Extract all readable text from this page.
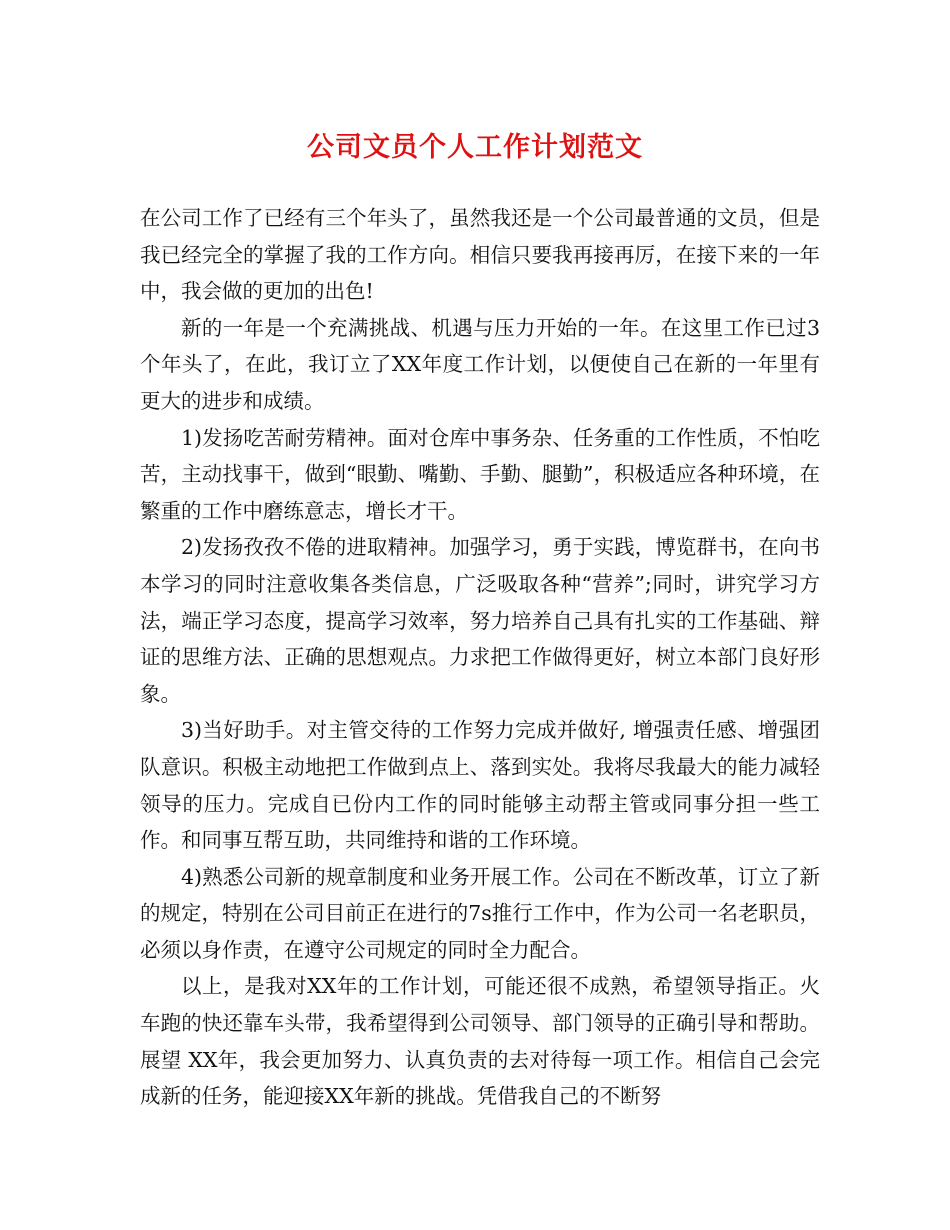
公司文员个人工作计划范文

在公司工作了已经有三个年头了，虽然我还是一个公司最普通的文员，但是我已经完全的掌握了我的工作方向。相信只要我再接再厉，在接下来的一年中，我会做的更加的出色!

新的一年是一个充满挑战、机遇与压力开始的一年。在这里工作已过3个年头了，在此，我订立了XX年度工作计划，以便使自己在新的一年里有更大的进步和成绩。

1)发扬吃苦耐劳精神。面对仓库中事务杂、任务重的工作性质，不怕吃苦，主动找事干，做到“眼勤、嘴勤、手勤、腿勤”，积极适应各种环境，在繁重的工作中磨练意志，增长才干。

2)发扬孜孜不倦的进取精神。加强学习，勇于实践，博览群书，在向书本学习的同时注意收集各类信息，广泛吸取各种“营养”;同时，讲究学习方法，端正学习态度，提高学习效率，努力培养自己具有扎实的工作基础、辩证的思维方法、正确的思想观点。力求把工作做得更好，树立本部门良好形象。

3)当好助手。对主管交待的工作努力完成并做好, 增强责任感、增强团队意识。积极主动地把工作做到点上、落到实处。我将尽我最大的能力减轻领导的压力。完成自已份内工作的同时能够主动帮主管或同事分担一些工作。和同事互帮互助，共同维持和谐的工作环境。

4)熟悉公司新的规章制度和业务开展工作。公司在不断改革，订立了新的规定，特别在公司目前正在进行的7s推行工作中，作为公司一名老职员，必须以身作责，在遵守公司规定的同时全力配合。

以上，是我对XX年的工作计划，可能还很不成熟，希望领导指正。火车跑的快还靠车头带，我希望得到公司领导、部门领导的正确引导和帮助。展望 XX年，我会更加努力、认真负责的去对待每一项工作。相信自己会完成新的任务，能迎接XX年新的挑战。凭借我自己的不断努
